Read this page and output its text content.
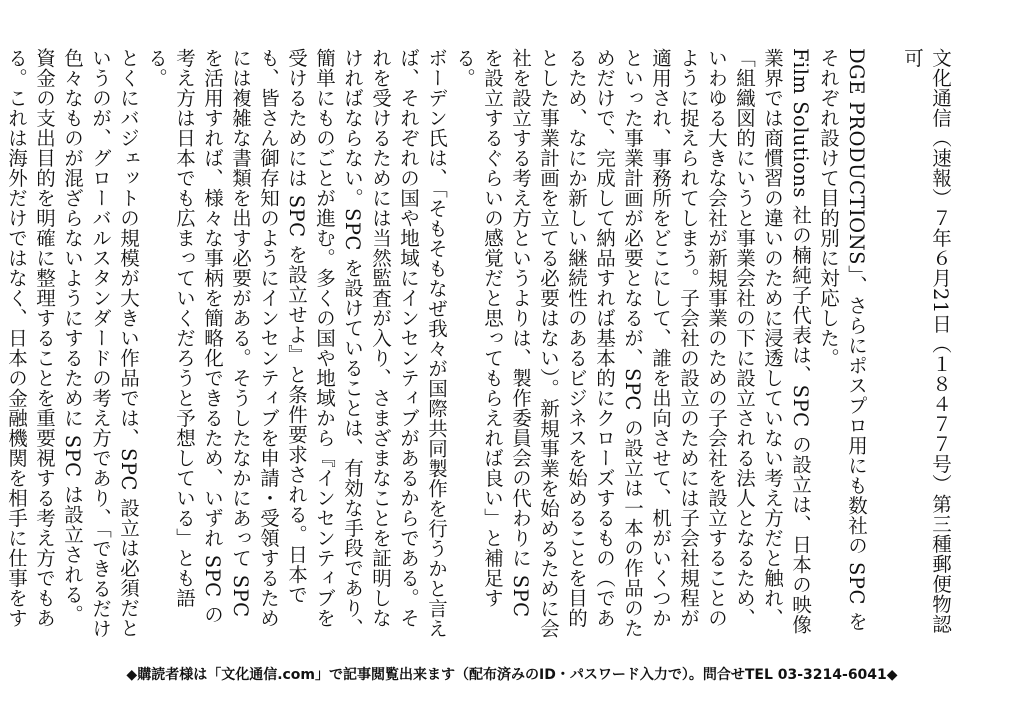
文化通信（速報）７年６月21日（１８４７７号）第三種郵便物認可

DGE PRODUCTIONS」、さらにポスプロ用にも数社の SPC をそれぞれ設けて目的別に対応した。
Film Solutions 社の楠純子代表は、SPC の設立は、日本の映像業界では商慣習の違いのために浸透していない考え方だと触れ、「組織図的にいうと事業会社の下に設立される法人となるため、いわゆる大きな会社が新規事業のための子会社を設立することのように捉えられてしまう。子会社の設立のためには子会社規程が適用され、事務所をどこにして、誰を出向させて、机がいくつかといった事業計画が必要となるが、SPC の設立は一本の作品のためだけで、完成して納品すれば基本的にクローズするもの（であるため、なにか新しい継続性のあるビジネスを始めることを目的とした事業計画を立てる必要はない）。新規事業を始めるために会社を設立する考え方というよりは、製作委員会の代わりに SPC を設立するぐらいの感覚だと思ってもらえれば良い」と補足する。
ボーデン氏は、「そもそもなぜ我々が国際共同製作を行うかと言えば、それぞれの国や地域にインセンティブがあるからである。それを受けるためには当然監査が入り、さまざまなことを証明しなければならない。SPC を設けていることは、有効な手段であり、簡単にものごとが進む。多くの国や地域から『インセンティブを受けるためには SPC を設立せよ』と条件要求される。日本でも、皆さん御存知のようにインセンティブを申請・受領するためには複雑な書類を出す必要がある。そうしたなかにあって SPC を活用すれば、様々な事柄を簡略化できるため、いずれ SPC の考え方は日本でも広まっていくだろうと予想している」とも語る。
とくにバジェットの規模が大きい作品では、SPC 設立は必須だというのが、グローバルスタンダードの考え方であり、「できるだけ色々なものが混ざらないようにするために SPC は設立される。資金の支出目的を明確に整理することを重要視する考え方でもある。これは海外だけではなく、日本の金融機関を相手に仕事をす
◆購読者様は「文化通信.com」で記事閲覧出来ます（配布済みのID・パスワード入力で）。問合せTEL 03-3214-6041◆
